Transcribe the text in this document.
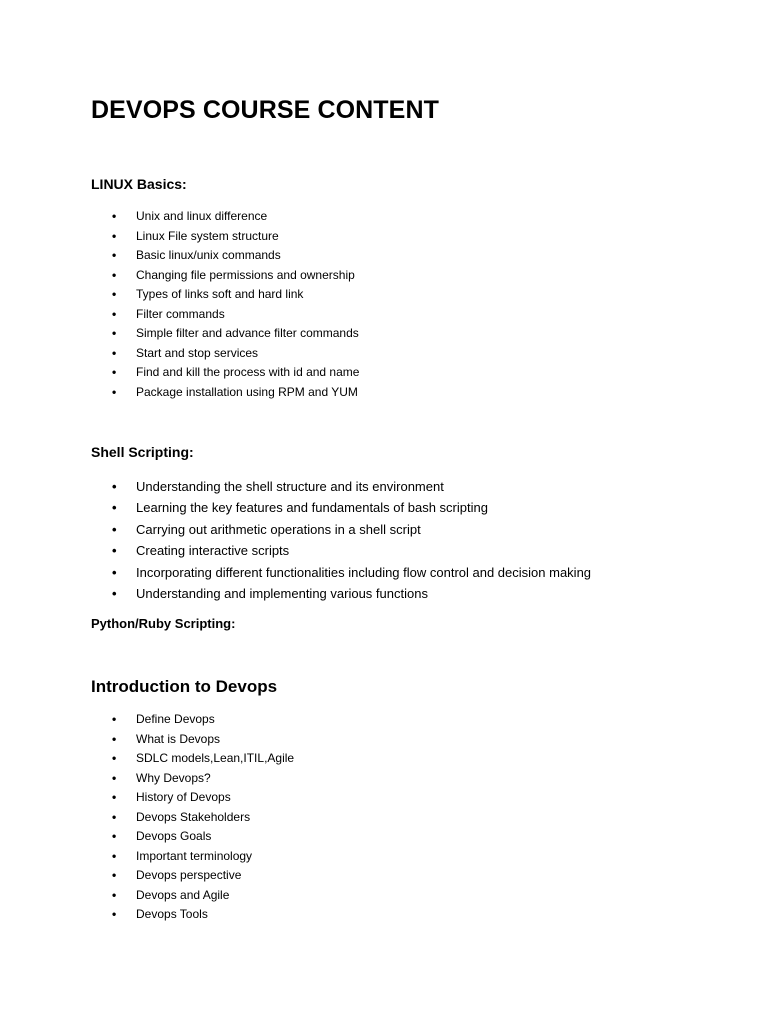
DEVOPS COURSE CONTENT
LINUX Basics:
• Unix and linux difference
• Linux File system structure
• Basic linux/unix commands
• Changing file permissions and ownership
• Types of links soft and hard link
• Filter commands
• Simple filter and advance filter commands
• Start and stop services
• Find and kill the process with id and name
• Package installation using RPM and YUM
Shell Scripting:
• Understanding the shell structure and its environment
• Learning the key features and fundamentals of bash scripting
• Carrying out arithmetic operations in a shell script
• Creating interactive scripts
• Incorporating different functionalities including flow control and decision making
• Understanding and implementing various functions
Python/Ruby Scripting:
Introduction to Devops
• Define Devops
• What is Devops
• SDLC models,Lean,ITIL,Agile
• Why Devops?
• History of Devops
• Devops Stakeholders
• Devops Goals
• Important terminology
• Devops perspective
• Devops and Agile
• Devops Tools
